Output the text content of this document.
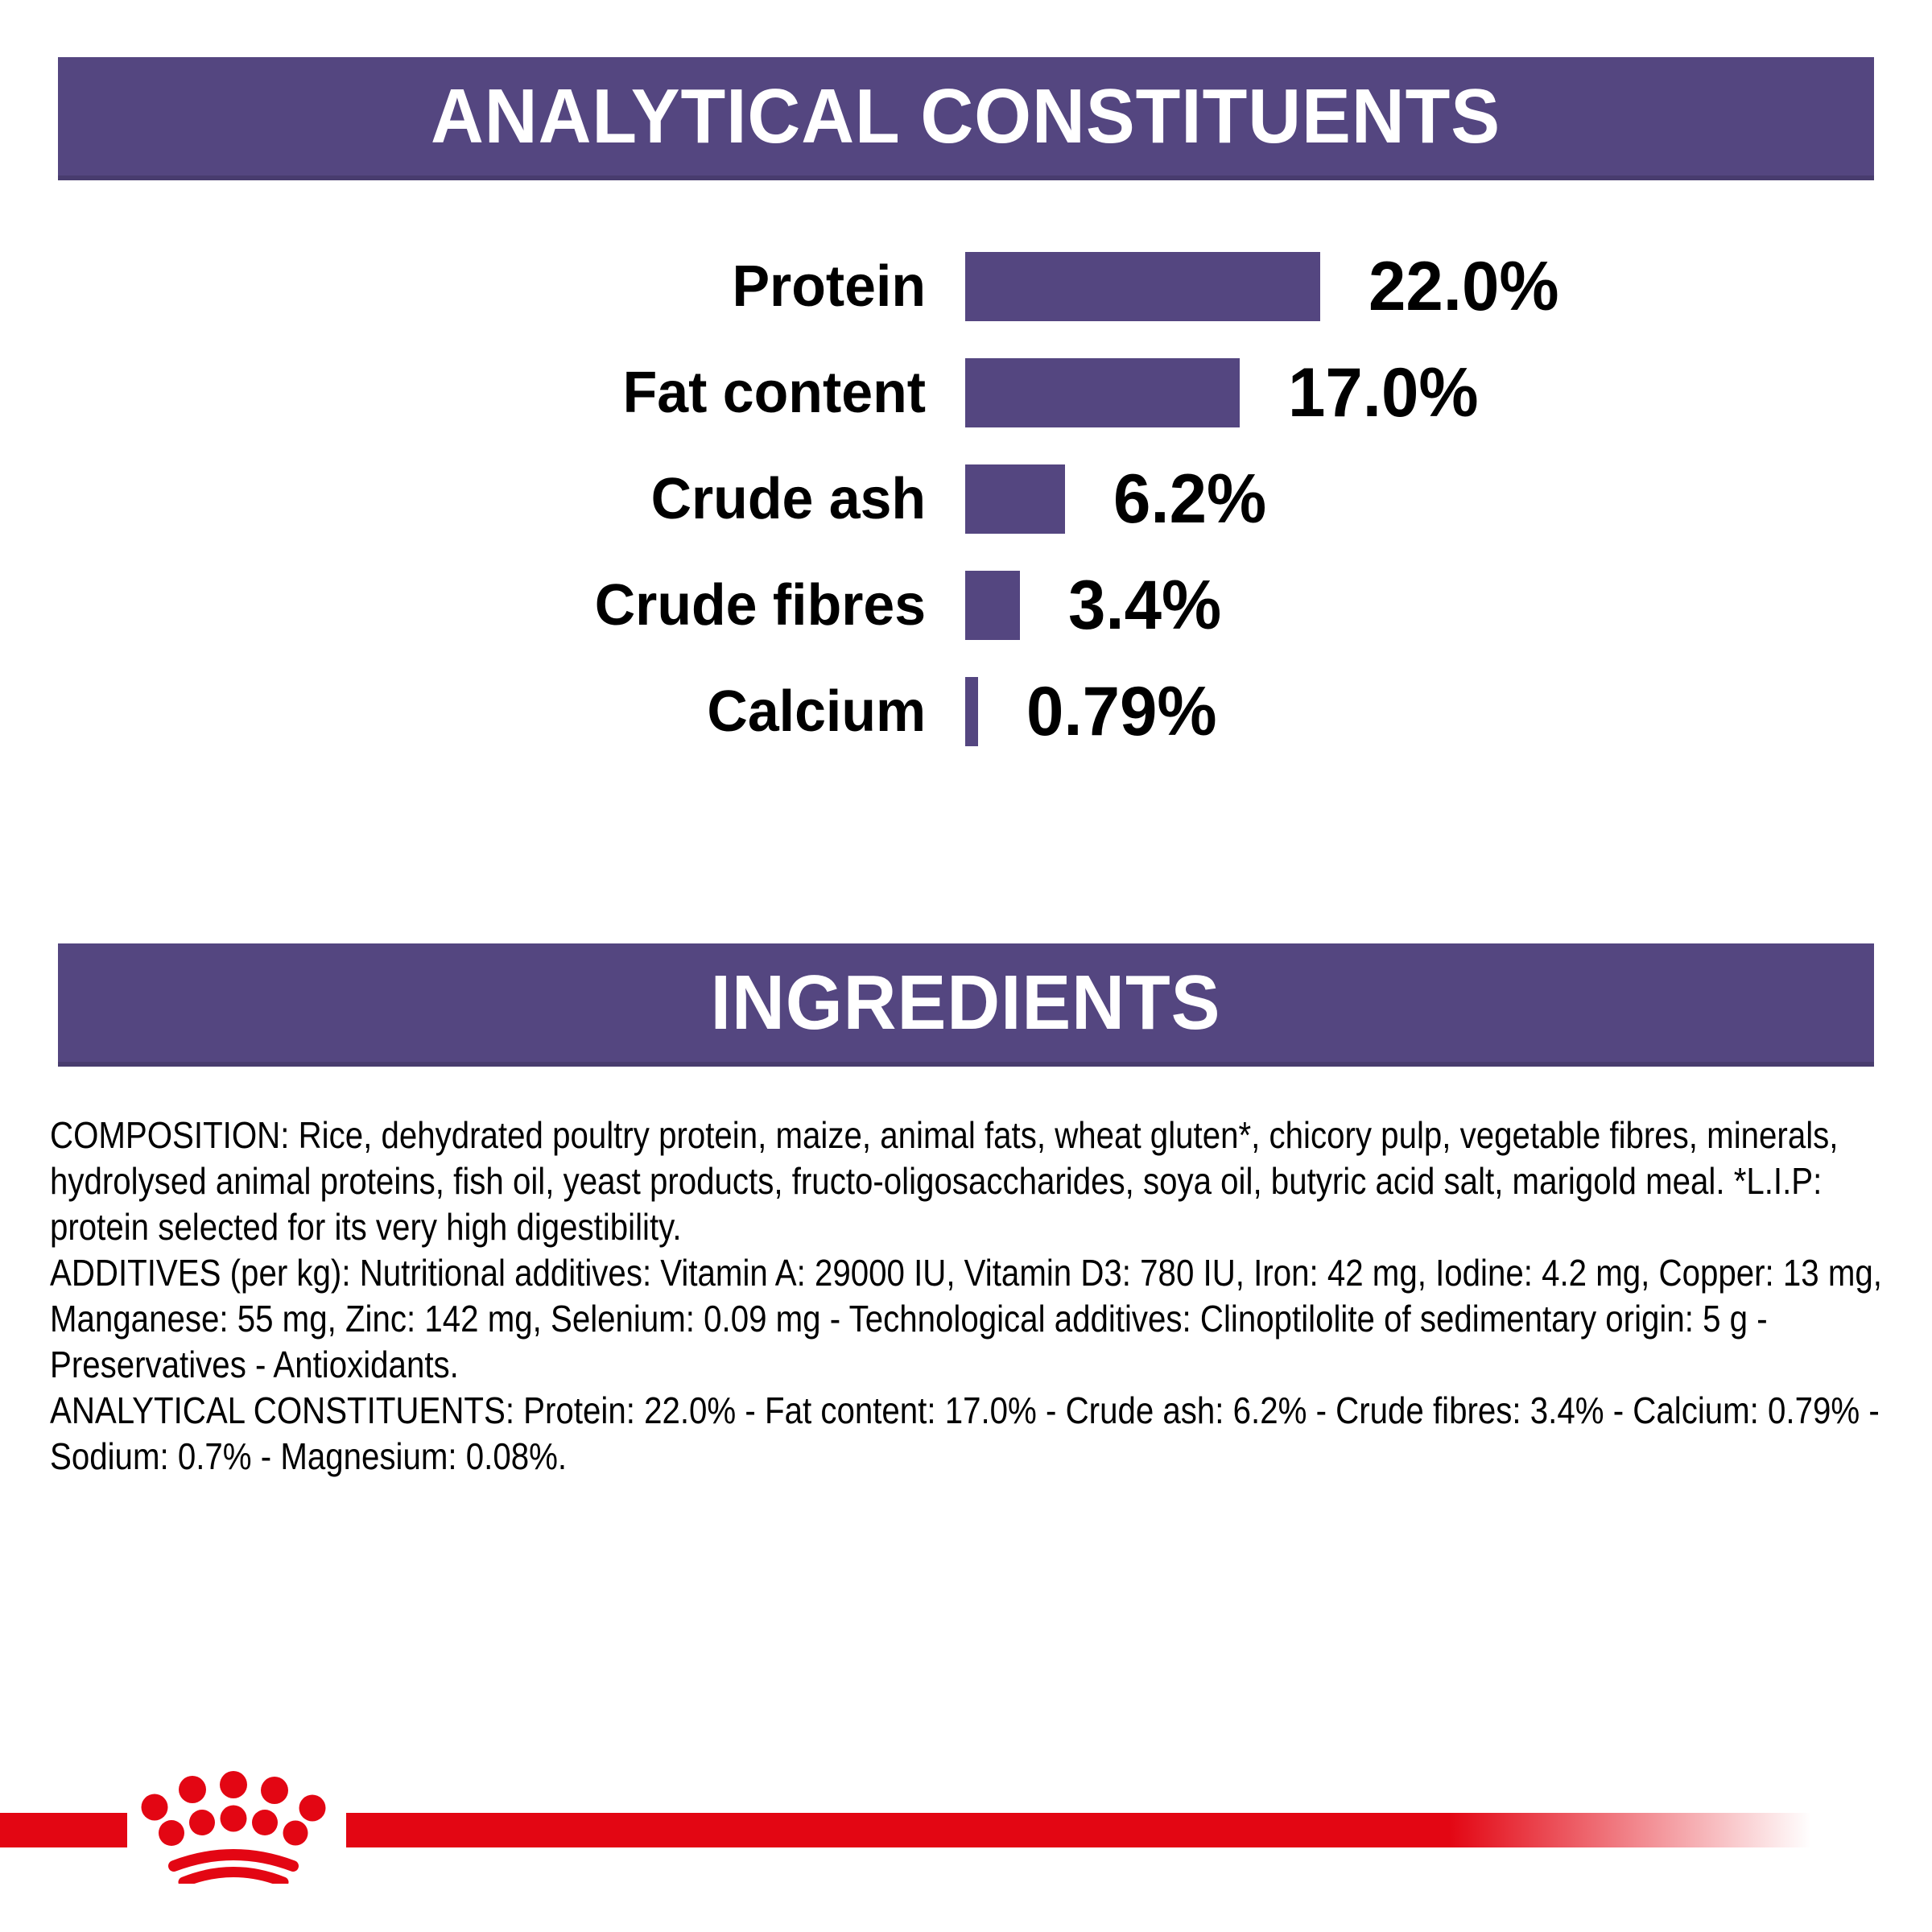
ANALYTICAL CONSTITUENTS
Protein	22.0%
Fat content	17.0%
Crude ash	6.2%
Crude fibres 3.4%
Calcium 0.79%
INGREDIENTS

COMPOSITION: Rice, dehydrated poultry protein, maize, animal fats, wheat gluten*, chicory pulp, vegetable fibres, minerals, hydrolysed animal proteins, fish oil, yeast products, fructo-oligosaccharides, soya oil, butyric acid salt, marigold meal. *L.I.P: protein selected for its very high digestibility.

ADDITIVES (per kg): Nutritional additives: Vitamin A: 29000 IU, Vitamin D3: 780 IU, Iron: 42 mg, Iodine: 4.2 mg, Copper: 13 mg, Manganese: 55 mg, Zinc: 142 mg, Selenium: 0.09 mg - Technological additives: Clinoptilolite of sedimentary origin: 5 g - Preservatives - Antioxidants.

ANALYTICAL CONSTITUENTS: Protein: 22.0% - Fat content: 17.0% - Crude ash: 6.2% - Crude fibres: 3.4% - Calcium: 0.79% - Sodium: 0.7% - Magnesium: 0.08%.
